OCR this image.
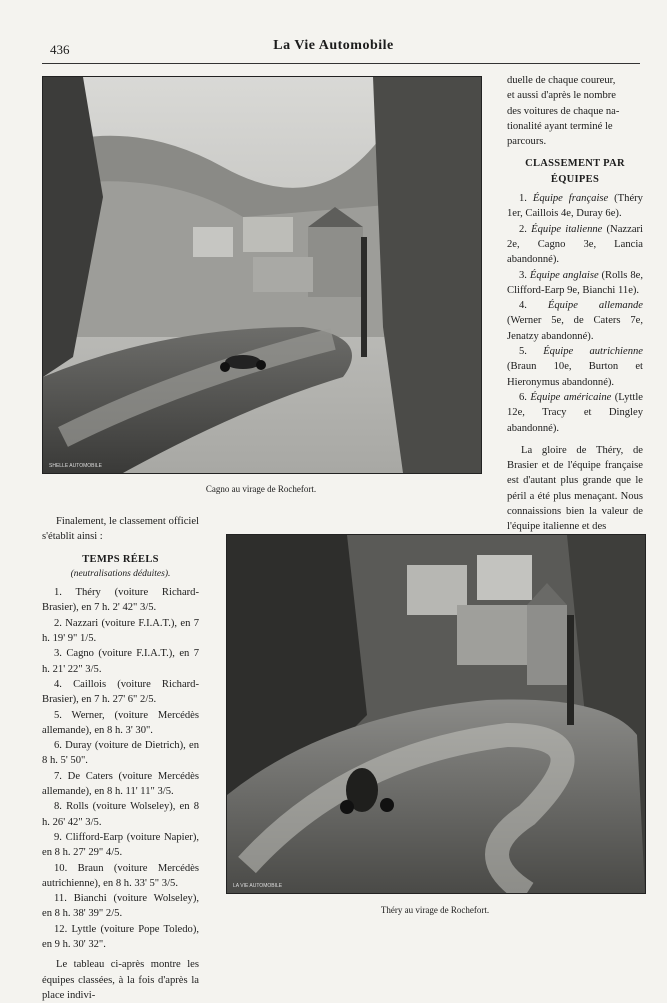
436	La Vie Automobile
SHELLE AUTOMOBILE
Cagno au virage de Rochefort.
LA VIE AUTOMOBILE
Théry au virage de Rochefort.

duelle de chaque coureur,

et aussi d'après le nombre

des voitures de chaque na-

tionalité ayant terminé le

parcours.

CLASSEMENT PAR

ÉQUIPES

1. Équipe française (Théry 1er, Caillois 4e, Duray 6e).

2. Équipe italienne (Nazzari 2e, Cagno 3e, Lancia abandonné).

3. Équipe anglaise (Rolls 8e, Clifford-Earp 9e, Bianchi 11e).

4. Équipe allemande (Werner 5e, de Caters 7e, Jenatzy abandonné).

5. Équipe autrichienne (Braun 10e, Burton et Hieronymus abandonné).

6. Équipe américaine (Lyttle 12e, Tracy et Dingley abandonné).

La gloire de Théry, de Brasier et de l'équipe française est d'autant plus grande que le péril a été plus menaçant. Nous connaissions bien la valeur de l'équipe italienne et des

Finalement, le classement officiel s'établit ainsi :

TEMPS RÉELS

(neutralisations déduites).

1. Théry (voiture Richard-Brasier), en 7 h. 2' 42" 3/5.

2. Nazzari (voiture F.I.A.T.), en 7 h. 19' 9" 1/5.

3. Cagno (voiture F.I.A.T.), en 7 h. 21' 22" 3/5.

4. Caillois (voiture Richard-Brasier), en 7 h. 27' 6" 2/5.

5. Werner, (voiture Mercédès allemande), en 8 h. 3' 30".

6. Duray (voiture de Dietrich), en 8 h. 5' 50".

7. De Caters (voiture Mercédès allemande), en 8 h. 11' 11" 3/5.

8. Rolls (voiture Wolseley), en 8 h. 26' 42" 3/5.

9. Clifford-Earp (voiture Napier), en 8 h. 27' 29" 4/5.

10. Braun (voiture Mercédès autrichienne), en 8 h. 33' 5" 3/5.

11. Bianchi (voiture Wolseley), en 8 h. 38' 39" 2/5.

12. Lyttle (voiture Pope Toledo), en 9 h. 30' 32".

Le tableau ci-après montre les équipes classées, à la fois d'après la place indivi-
